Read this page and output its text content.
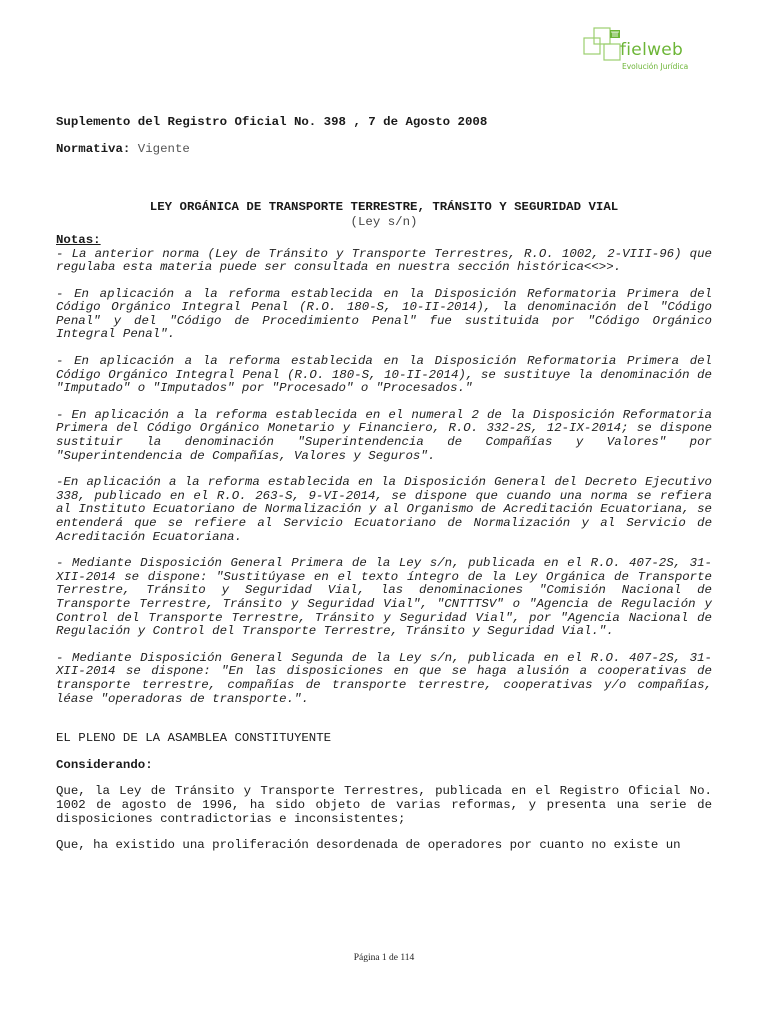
fielweb
Evolución Jurídica

Suplemento del Registro Oficial No. 398 , 7 de Agosto 2008

Normativa: Vigente

LEY ORGÁNICA DE TRANSPORTE TERRESTRE, TRÁNSITO Y SEGURIDAD VIAL
(Ley s/n)
Notas:

- La anterior norma (Ley de Tránsito y Transporte Terrestres, R.O. 1002, 2-VIII-96) que regulaba esta materia puede ser consultada en nuestra sección histórica<<>>.

- En aplicación a la reforma establecida en la Disposición Reformatoria Primera del Código Orgánico Integral Penal (R.O. 180-S, 10-II-2014), la denominación del "Código Penal" y del "Código de Procedimiento Penal" fue sustituida por "Código Orgánico Integral Penal".

- En aplicación a la reforma establecida en la Disposición Reformatoria Primera del Código Orgánico Integral Penal (R.O. 180-S, 10-II-2014), se sustituye la denominación de "Imputado" o "Imputados" por "Procesado" o "Procesados."

- En aplicación a la reforma establecida en el numeral 2 de la Disposición Reformatoria Primera del Código Orgánico Monetario y Financiero, R.O. 332-2S, 12-IX-2014; se dispone sustituir la denominación "Superintendencia de Compañías y Valores" por "Superintendencia de Compañías, Valores y Seguros".

-En aplicación a la reforma establecida en la Disposición General del Decreto Ejecutivo 338, publicado en el R.O. 263-S, 9-VI-2014, se dispone que cuando una norma se refiera al Instituto Ecuatoriano de Normalización y al Organismo de Acreditación Ecuatoriana, se entenderá que se refiere al Servicio Ecuatoriano de Normalización y al Servicio de Acreditación Ecuatoriana.

- Mediante Disposición General Primera de la Ley s/n, publicada en el R.O. 407-2S, 31-XII-2014 se dispone: "Sustitúyase en el texto íntegro de la Ley Orgánica de Transporte Terrestre, Tránsito y Seguridad Vial, las denominaciones "Comisión Nacional de Transporte Terrestre, Tránsito y Seguridad Vial", "CNTTTSV" o "Agencia de Regulación y Control del Transporte Terrestre, Tránsito y Seguridad Vial", por "Agencia Nacional de Regulación y Control del Transporte Terrestre, Tránsito y Seguridad Vial.".

- Mediante Disposición General Segunda de la Ley s/n, publicada en el R.O. 407-2S, 31-XII-2014 se dispone: "En las disposiciones en que se haga alusión a cooperativas de transporte terrestre, compañías de transporte terrestre, cooperativas y/o compañías, léase "operadoras de transporte.".

EL PLENO DE LA ASAMBLEA CONSTITUYENTE

Considerando:

Que, la Ley de Tránsito y Transporte Terrestres, publicada en el Registro Oficial No. 1002 de agosto de 1996, ha sido objeto de varias reformas, y presenta una serie de disposiciones contradictorias e inconsistentes;

Que, ha existido una proliferación desordenada de operadores por cuanto no existe un

Página 1 de 114
